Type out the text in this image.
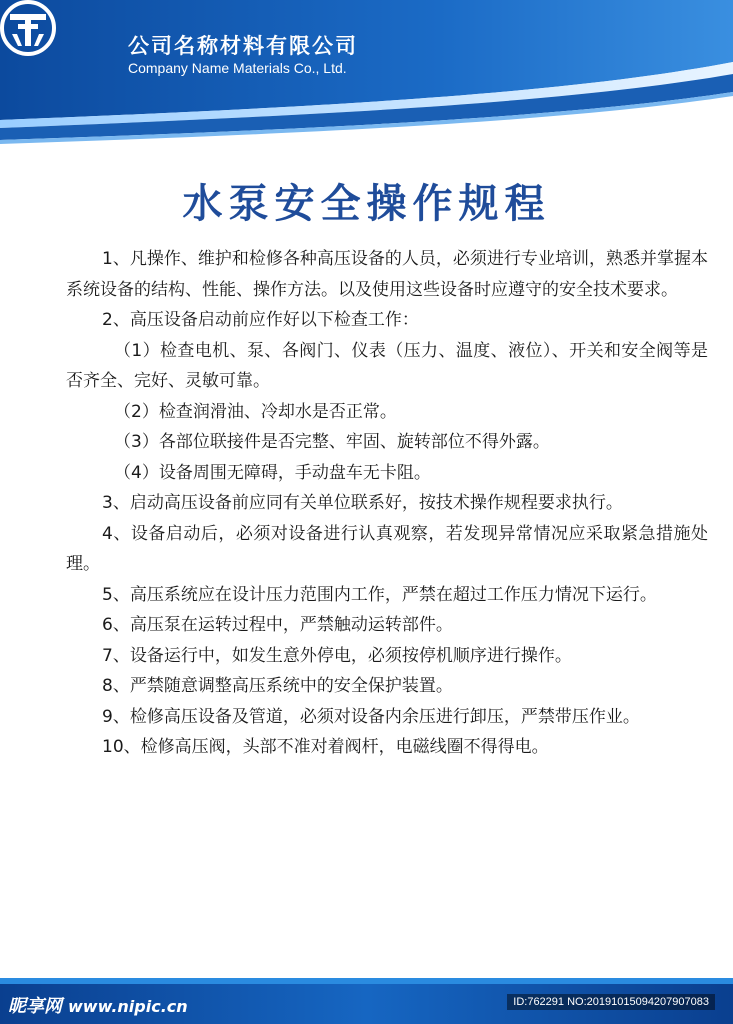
公司名称材料有限公司
Company Name Materials Co., Ltd.
水泵安全操作规程

1、凡操作、维护和检修各种高压设备的人员，必须进行专业培训，熟悉并掌握本系统设备的结构、性能、操作方法。以及使用这些设备时应遵守的安全技术要求。

2、高压设备启动前应作好以下检查工作：

（1）检查电机、泵、各阀门、仪表（压力、温度、液位）、开关和安全阀等是否齐全、完好、灵敏可靠。

（2）检查润滑油、冷却水是否正常。

（3）各部位联接件是否完整、牢固、旋转部位不得外露。

（4）设备周围无障碍，手动盘车无卡阻。

3、启动高压设备前应同有关单位联系好，按技术操作规程要求执行。

4、设备启动后，必须对设备进行认真观察，若发现异常情况应采取紧急措施处理。

5、高压系统应在设计压力范围内工作，严禁在超过工作压力情况下运行。

6、高压泵在运转过程中，严禁触动运转部件。

7、设备运行中，如发生意外停电，必须按停机顺序进行操作。

8、严禁随意调整高压系统中的安全保护装置。

9、检修高压设备及管道，必须对设备内余压进行卸压，严禁带压作业。

10、检修高压阀，头部不准对着阀杆，电磁线圈不得得电。

昵享网 www.nipic.cn	ID:762291 NO:20191015094207907083
